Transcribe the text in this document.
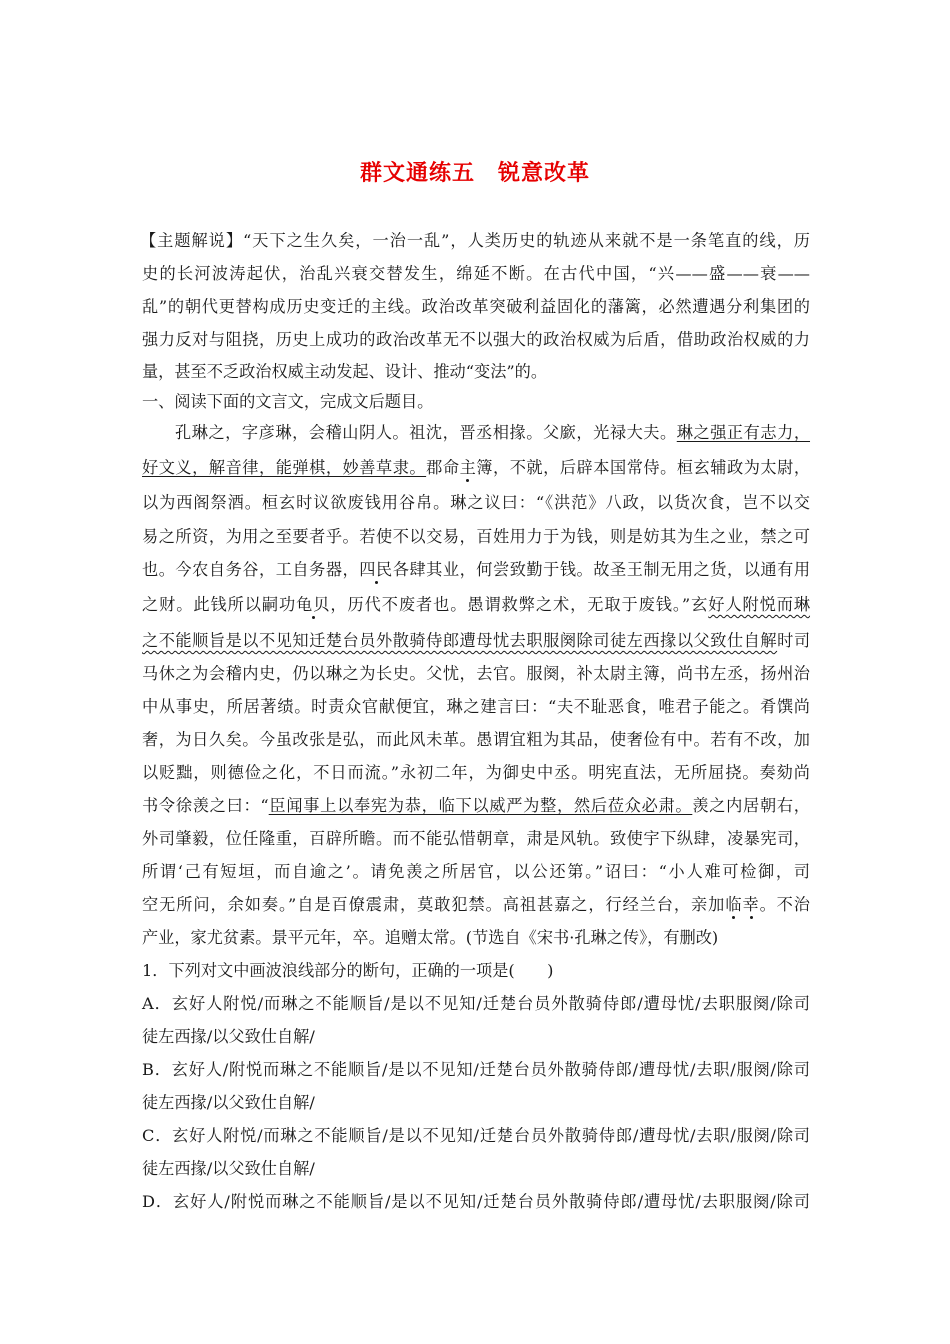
群文通练五　锐意改革
【主题解说】“天下之生久矣，一治一乱”，人类历史的轨迹从来就不是一条笔直的线，历
史的长河波涛起伏，治乱兴衰交替发生，绵延不断。在古代中国，“兴——盛——衰——
乱”的朝代更替构成历史变迁的主线。政治改革突破利益固化的藩篱，必然遭遇分利集团的
强力反对与阻挠，历史上成功的政治改革无不以强大的政治权威为后盾，借助政治权威的力
量，甚至不乏政治权威主动发起、设计、推动“变法”的。
一、阅读下面的文言文，完成文后题目。
孔琳之，字彦琳，会稽山阴人。祖沈，晋丞相掾。父廞，光禄大夫。琳之强正有志力，
好文义，解音律，能弹棋，妙善草隶。郡命主簿，不就，后辟本国常侍。桓玄辅政为太尉，
以为西阁祭酒。桓玄时议欲废钱用谷帛。琳之议曰：“《洪范》八政，以货次食，岂不以交
易之所资，为用之至要者乎。若使不以交易，百姓用力于为钱，则是妨其为生之业，禁之可
也。今农自务谷，工自务器，四民各肆其业，何尝致勤于钱。故圣王制无用之货，以通有用
之财。此钱所以嗣功龟贝，历代不废者也。愚谓救弊之术，无取于废钱。”玄好人附悦而琳
之不能顺旨是以不见知迁楚台员外散骑侍郎遭母忧去职服阕除司徒左西掾以父致仕自解时司
马休之为会稽内史，仍以琳之为长史。父忧，去官。服阕，补太尉主簿，尚书左丞，扬州治
中从事史，所居著绩。时责众官献便宜，琳之建言曰：“夫不耻恶食，唯君子能之。肴馔尚
奢，为日久矣。今虽改张是弘，而此风未革。愚谓宜粗为其品，使奢俭有中。若有不改，加
以贬黜，则德俭之化，不日而流。”永初二年，为御史中丞。明宪直法，无所屈挠。奏劾尚
书令徐羡之曰：“臣闻事上以奉宪为恭，临下以威严为整，然后莅众必肃。羡之内居朝右，
外司肇毅，位任隆重，百辟所瞻。而不能弘惜朝章，肃是风轨。致使宇下纵肆，凌暴宪司，
所谓‘己有短垣，而自逾之’。请免羡之所居官，以公还第。”诏曰：“小人难可检御，司
空无所问，余如奏。”自是百僚震肃，莫敢犯禁。高祖甚嘉之，行经兰台，亲加临幸。不治
产业，家尤贫素。景平元年，卒。追赠太常。(节选自《宋书·孔琳之传》，有删改)
1．下列对文中画波浪线部分的断句，正确的一项是(　　)
A．玄好人附悦/而琳之不能顺旨/是以不见知/迁楚台员外散骑侍郎/遭母忧/去职服阕/除司
徒左西掾/以父致仕自解/
B．玄好人/附悦而琳之不能顺旨/是以不见知/迁楚台员外散骑侍郎/遭母忧/去职/服阕/除司
徒左西掾/以父致仕自解/
C．玄好人附悦/而琳之不能顺旨/是以不见知/迁楚台员外散骑侍郎/遭母忧/去职/服阕/除司
徒左西掾/以父致仕自解/
D．玄好人/附悦而琳之不能顺旨/是以不见知/迁楚台员外散骑侍郎/遭母忧/去职服阕/除司
